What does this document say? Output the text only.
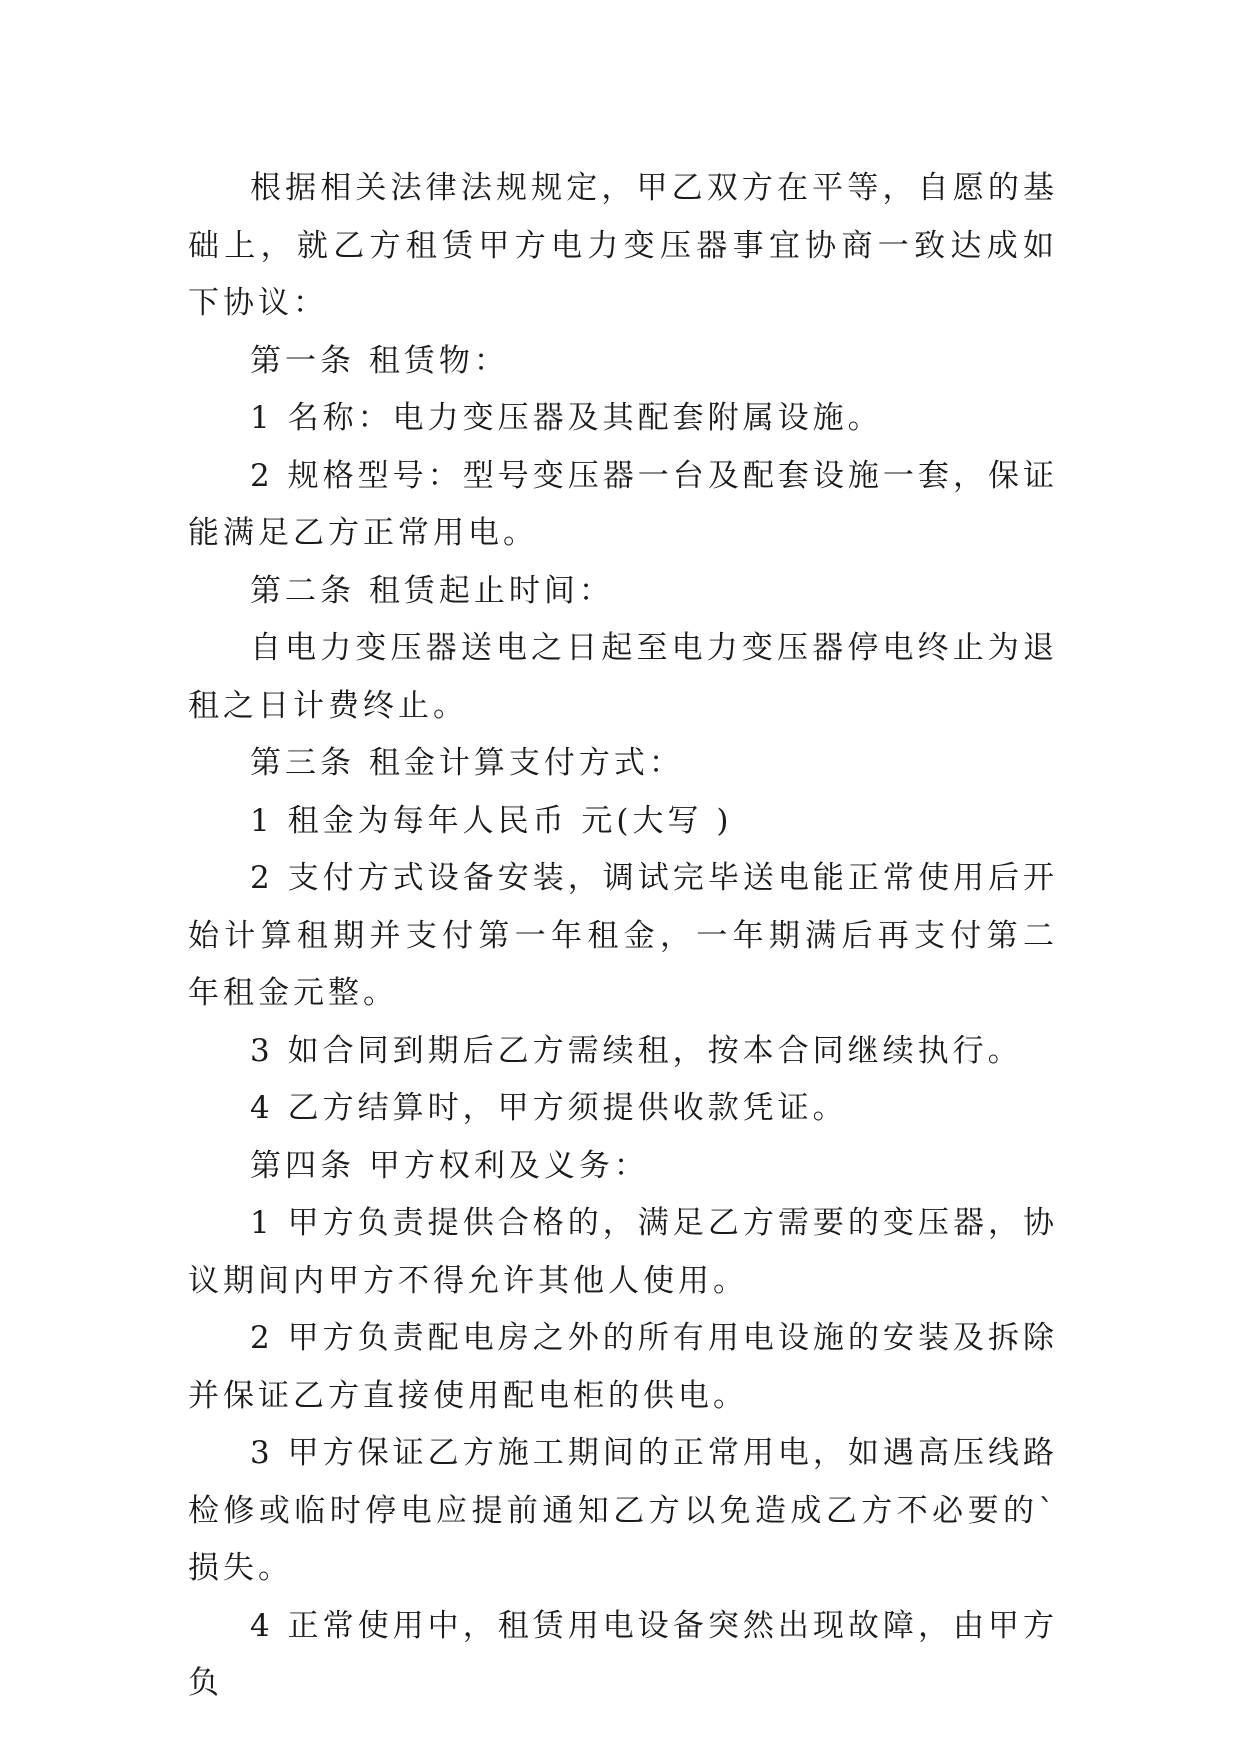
根据相关法律法规规定，甲乙双方在平等，自愿的基础上，就乙方租赁甲方电力变压器事宜协商一致达成如下协议：

第一条 租赁物：

1 名称：电力变压器及其配套附属设施。

2 规格型号：型号变压器一台及配套设施一套，保证能满足乙方正常用电。

第二条 租赁起止时间：

自电力变压器送电之日起至电力变压器停电终止为退租之日计费终止。

第三条 租金计算支付方式：

1 租金为每年人民币 元(大写 )

2 支付方式设备安装，调试完毕送电能正常使用后开始计算租期并支付第一年租金，一年期满后再支付第二年租金元整。

3 如合同到期后乙方需续租，按本合同继续执行。

4 乙方结算时，甲方须提供收款凭证。

第四条 甲方权利及义务：

1 甲方负责提供合格的，满足乙方需要的变压器，协议期间内甲方不得允许其他人使用。

2 甲方负责配电房之外的所有用电设施的安装及拆除并保证乙方直接使用配电柜的供电。

3 甲方保证乙方施工期间的正常用电，如遇高压线路检修或临时停电应提前通知乙方以免造成乙方不必要的`损失。

4 正常使用中，租赁用电设备突然出现故障，由甲方负
